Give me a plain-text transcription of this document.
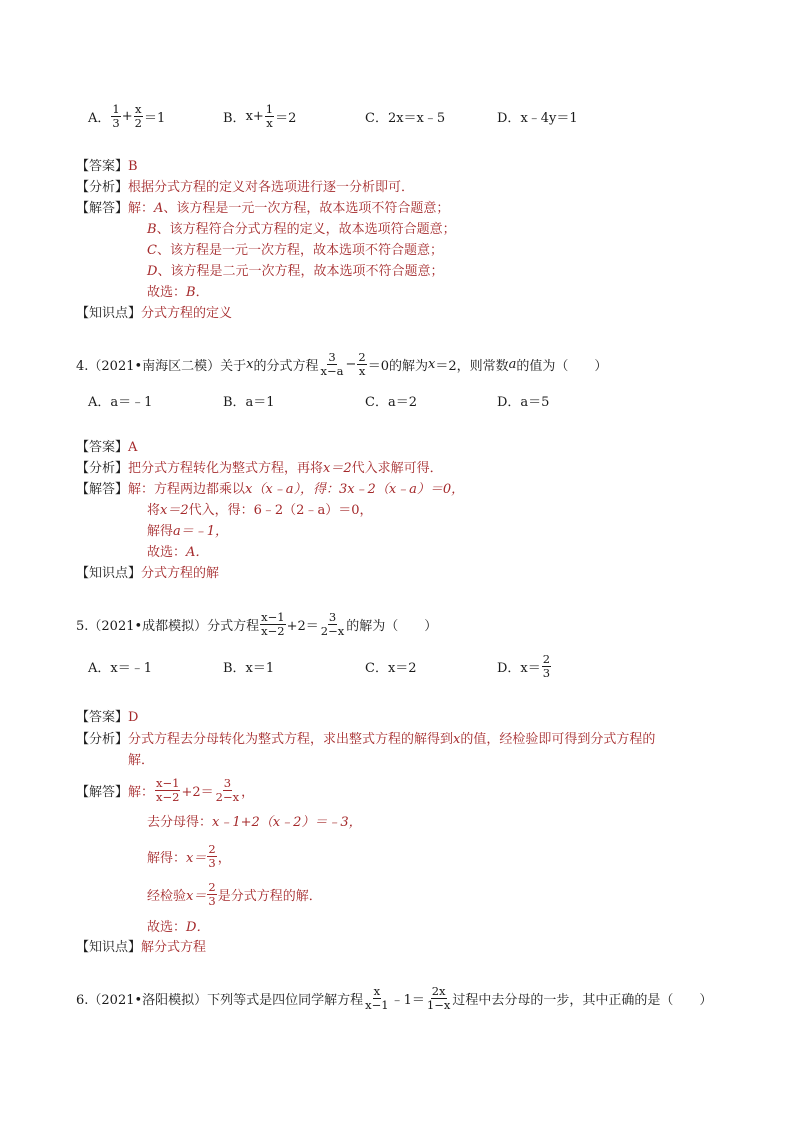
A． $\frac{1}{3} + \frac{x}{2} =1$	B． $x+ \frac{1}{x} =2$	C． 2x＝x﹣5	D． x﹣4y＝1
【答案】B
【分析】根据分式方程的定义对各选项进行逐一分析即可．
【解答】解：A、该方程是一元一次方程，故本选项不符合题意；
B、该方程符合分式方程的定义，故本选项符合题意；
C、该方程是一元一次方程，故本选项不符合题意；
D、该方程是二元一次方程，故本选项不符合题意；
故选：B．
【知识点】分式方程的定义
4.（2021•南海区二模）关于 x 的分式方程 $\frac{3}{x-a} - \frac{2}{x} =0$的解为 x ＝2，则常数 a 的值为（　　）
A．a＝﹣1	B．a＝1	C．a＝2	D．a＝5
【答案】A
【分析】把分式方程转化为整式方程，再将x＝2代入求解可得．
【解答】解：方程两边都乘以x（x﹣a），得：3x﹣2（x﹣a）＝0，
将x＝2代入，得：6﹣2（2﹣a）＝0，
解得a＝﹣1，
故选：A．
【知识点】分式方程的解
5.（2021•成都模拟）分式方程 $\frac{x-1}{x-2} +2= \frac{3}{2-x}$ 的解为（　　）
A．x＝﹣1	B．x＝1	C．x＝2	D．$x= \frac{2}{3}$
【答案】D
【分析】分式方程去分母转化为整式方程，求出整式方程的解得到x的值，经检验即可得到分式方程的
解．
【解答】 解： $\frac{x-1}{x-2} +2= \frac{3}{2-x}$ ，
去分母得：x﹣1+2（x﹣2）＝﹣3，
解得： $x= \frac{2}{3}$ ，
经检验 $x= \frac{2}{3}$ 是分式方程的解．
故选：D．
【知识点】解分式方程
6.（2021•洛阳模拟）下列等式是四位同学解方程 $\frac{x}{x-1}$ ﹣1＝ $\frac{2x}{1-x}$ 过程中去分母的一步，其中正确的是（　　）
